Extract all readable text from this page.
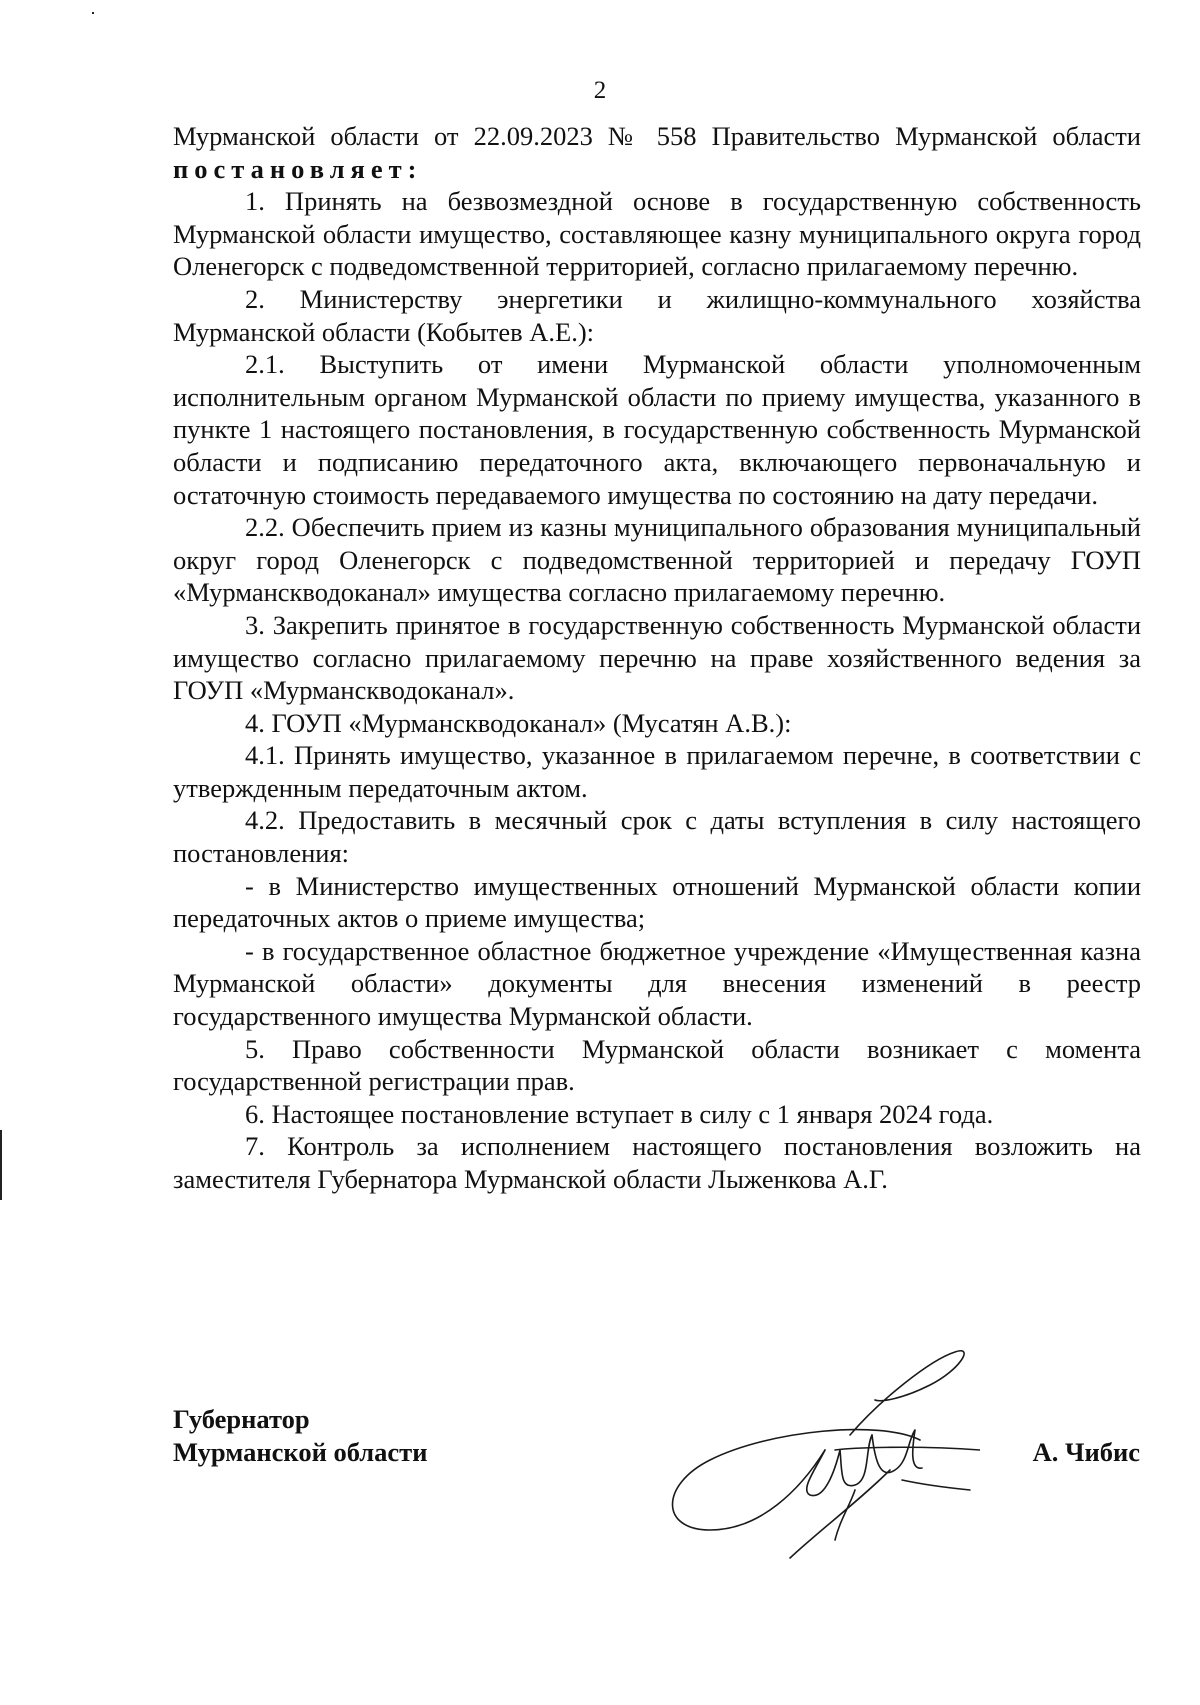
2

Мурманской области от 22.09.2023 № 558 Правительство Мурманской области постановляет:

1. Принять на безвозмездной основе в государственную собственность Мурманской области имущество, составляющее казну муниципального округа город Оленегорск с подведомственной территорией, согласно прилагаемому перечню.

2. Министерству энергетики и жилищно-коммунального хозяйства Мурманской области (Кобытев А.Е.):

2.1. Выступить от имени Мурманской области уполномоченным исполнительным органом Мурманской области по приему имущества, указанного в пункте 1 настоящего постановления, в государственную собственность Мурманской области и подписанию передаточного акта, включающего первоначальную и остаточную стоимость передаваемого имущества по состоянию на дату передачи.

2.2. Обеспечить прием из казны муниципального образования муниципальный округ город Оленегорск с подведомственной территорией и передачу ГОУП «Мурманскводоканал» имущества согласно прилагаемому перечню.

3. Закрепить принятое в государственную собственность Мурманской области имущество согласно прилагаемому перечню на праве хозяйственного ведения за ГОУП «Мурманскводоканал».

4. ГОУП «Мурманскводоканал» (Мусатян А.В.):

4.1. Принять имущество, указанное в прилагаемом перечне, в соответствии с утвержденным передаточным актом.

4.2. Предоставить в месячный срок с даты вступления в силу настоящего постановления:

- в Министерство имущественных отношений Мурманской области копии передаточных актов о приеме имущества;

- в государственное областное бюджетное учреждение «Имущественная казна Мурманской области» документы для внесения изменений в реестр государственного имущества Мурманской области.

5. Право собственности Мурманской области возникает с момента государственной регистрации прав.

6. Настоящее постановление вступает в силу с 1 января 2024 года.

7. Контроль за исполнением настоящего постановления возложить на заместителя Губернатора Мурманской области Лыженкова А.Г.

Губернатор
Мурманской области	А. Чибис
